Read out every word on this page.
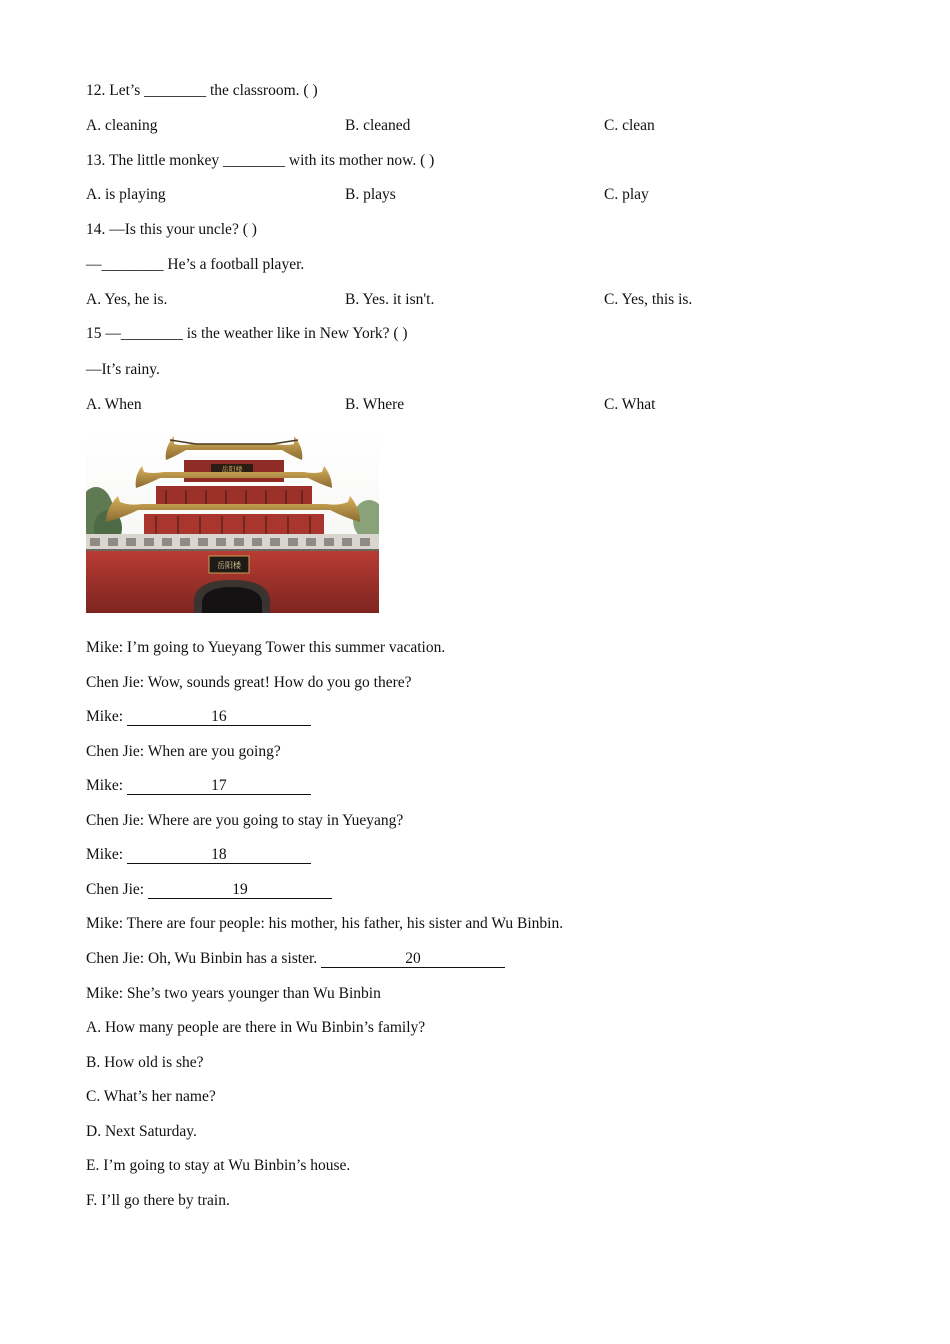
12. Let’s ________ the classroom. ( )
A. cleaning	B. cleaned	C. clean
13. The little monkey ________ with its mother now. ( )
A. is playing	B. plays	C. play
14. —Is this your uncle? ( )
—________ He’s a football player.
A. Yes, he is.	B. Yes. it isn't.	C. Yes, this is.
15 —________ is the weather like in New York? ( )
—It’s rainy.
A. When	B. Where	C. What
岳阳楼
岳阳楼
Mike: I’m going to Yueyang Tower this summer vacation.
Chen Jie: Wow, sounds great! How do you go there?
Mike:	16
Chen Jie: When are you going?
Mike:	17
Chen Jie: Where are you going to stay in Yueyang?
Mike:	18
Chen Jie:	19
Mike: There are four people: his mother, his father, his sister and Wu Binbin.
Chen Jie: Oh, Wu Binbin has a sister.	20
Mike: She’s two years younger than Wu Binbin
A. How many people are there in Wu Binbin’s family?
B. How old is she?
C. What’s her name?
D. Next Saturday.
E. I’m going to stay at Wu Binbin’s house.
F. I’ll go there by train.
